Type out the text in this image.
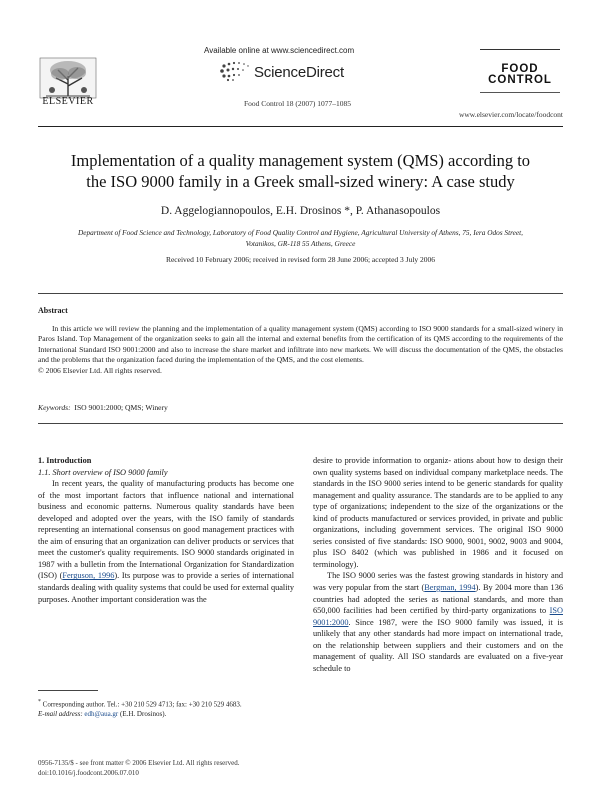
ELSEVIER
Available online at www.sciencedirect.com
ScienceDirect
Food Control 18 (2007) 1077–1085
FOOD
CONTROL
www.elsevier.com/locate/foodcont
Implementation of a quality management system (QMS) according to
the ISO 9000 family in a Greek small-sized winery: A case study
D. Aggelogiannopoulos, E.H. Drosinos *, P. Athanasopoulos
Department of Food Science and Technology, Laboratory of Food Quality Control and Hygiene, Agricultural University of Athens, 75, Iera Odos Street,
Votanikos, GR-118 55 Athens, Greece
Received 10 February 2006; received in revised form 28 June 2006; accepted 3 July 2006
Abstract

In this article we will review the planning and the implementation of a quality management system (QMS) according to ISO 9000 standards for a small-sized winery in Paros Island. Top Management of the organization seeks to gain all the internal and external benefits from the certification of its QMS according to the requirements of the International Standard ISO 9001:2000 and also to increase the share market and infiltrate into new markets. We will discuss the documentation of the QMS, the obstacles and the problems that the organization faced during the implementation of the QMS, and the cost elements.

© 2006 Elsevier Ltd. All rights reserved.

Keywords: ISO 9001:2000; QMS; Winery

1. Introduction

1.1. Short overview of ISO 9000 family

In recent years, the quality of manufacturing products has become one of the most important factors that influence national and international business and economic patterns. Numerous quality standards have been developed and adopted over the years, with the ISO family of standards representing an international consensus on good management practices with the aim of ensuring that an organization can deliver products or services that meet the customer's quality requirements. ISO 9000 standards originated in 1987 with a bulletin from the International Organization for Standardization (ISO) (Ferguson, 1996). Its purpose was to provide a series of international standards dealing with quality systems that could be used for external quality purposes. Another important consideration was the

desire to provide information to organiz- ations about how to design their own quality systems based on individual company marketplace needs. The standards in the ISO 9000 series intend to be generic standards for quality management and quality assurance. The standards are to be applied to any type of organizations; independent to the size of the organizations or the kind of products manufactured or services provided, in private and public organizations, including government services. The original ISO 9000 series consisted of five standards: ISO 9000, 9001, 9002, 9003 and 9004, plus ISO 8402 (which was published in 1986 and it focused on terminology).

The ISO 9000 series was the fastest growing standards in history and was very popular from the start (Bergman, 1994). By 2004 more than 136 countries had adopted the series as national standards, and more than 650,000 facilities had been certified by third-party organizations to ISO 9001:2000. Since 1987, were the ISO 9000 family was issued, it is unlikely that any other standards had more impact on international trade, on the relationship between suppliers and their customers and on the management of quality. All ISO standards are evaluated on a five-year schedule to

* Corresponding author. Tel.: +30 210 529 4713; fax: +30 210 529 4683.
E-mail address: edh@aua.gr (E.H. Drosinos).
0956-7135/$ - see front matter © 2006 Elsevier Ltd. All rights reserved.
doi:10.1016/j.foodcont.2006.07.010
